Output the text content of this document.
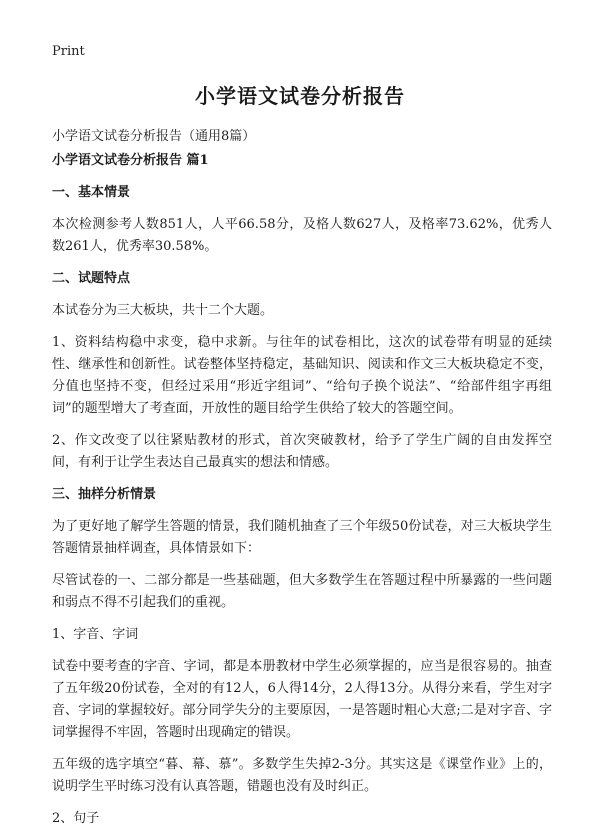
Print
小学语文试卷分析报告
小学语文试卷分析报告（通用8篇）
小学语文试卷分析报告 篇1
一、基本情景

本次检测参考人数851人，人平66.58分，及格人数627人，及格率73.62%，优秀人数261人，优秀率30.58%。

二、试题特点

本试卷分为三大板块，共十二个大题。

1、资料结构稳中求变，稳中求新。与往年的试卷相比，这次的试卷带有明显的延续性、继承性和创新性。试卷整体坚持稳定，基础知识、阅读和作文三大板块稳定不变，分值也坚持不变，但经过采用“形近字组词”、“给句子换个说法”、“给部件组字再组词”的题型增大了考查面，开放性的题目给学生供给了较大的答题空间。

2、作文改变了以往紧贴教材的形式，首次突破教材，给予了学生广阔的自由发挥空间，有利于让学生表达自己最真实的想法和情感。

三、抽样分析情景

为了更好地了解学生答题的情景，我们随机抽查了三个年级50份试卷，对三大板块学生答题情景抽样调查，具体情景如下：

尽管试卷的一、二部分都是一些基础题，但大多数学生在答题过程中所暴露的一些问题和弱点不得不引起我们的重视。

1、字音、字词

试卷中要考查的字音、字词，都是本册教材中学生必须掌握的，应当是很容易的。抽查了五年级20份试卷，全对的有12人，6人得14分，2人得13分。从得分来看，学生对字音、字词的掌握较好。部分同学失分的主要原因，一是答题时粗心大意;二是对字音、字词掌握得不牢固，答题时出现确定的错误。

五年级的选字填空“暮、幕、慕”。多数学生失掉2-3分。其实这是《课堂作业》上的，说明学生平时练习没有认真答题，错题也没有及时纠正。

2、句子
